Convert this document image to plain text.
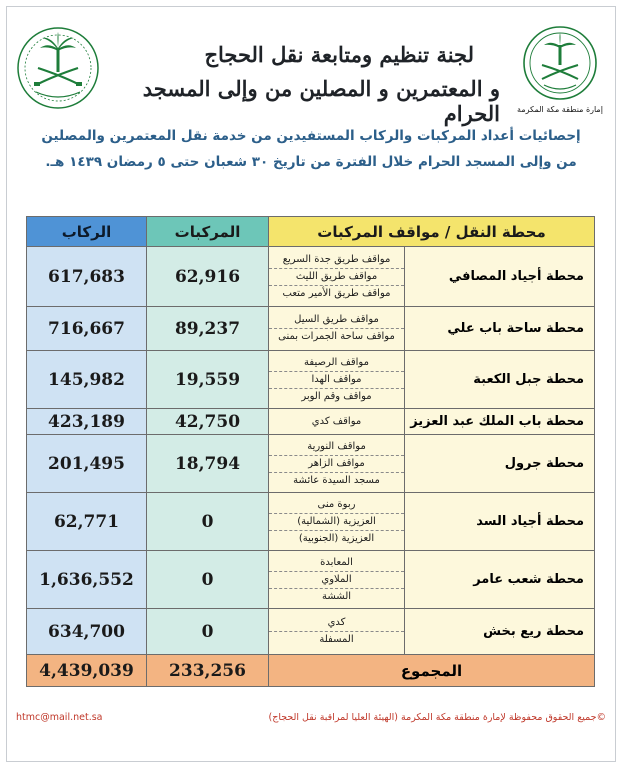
إمارة منطقة مكة المكرمة
لجنة تنظيم ومتابعة نقل الحجاج
و المعتمرين و المصلين من وإلى المسجد الحرام
إحصائيات أعداد المركبات والركاب المستفيدين من خدمة نقل المعتمرين والمصلين
من وإلى المسجد الحرام خلال الفترة من تاريخ ٣٠ شعبان حتى ٥ رمضان ١٤٣٩ هـ.
الركاب	المركبات	محطة النقل / مواقف المركبات	
617,683	62,916	مواقف طريق جدة السريع
مواقف طريق الليث
مواقف طريق الأمير متعب	محطة أجياد المصافي
716,667	89,237	مواقف طريق السيل
مواقف ساحة الجمرات بمنى	محطة ساحة باب علي
145,982	19,559	مواقف الرصيفة
مواقف الهدا
مواقف وقم الوبر	محطة جبل الكعبة
423,189	42,750	مواقف كدي	محطة باب الملك عبد العزيز
201,495	18,794	مواقف النورية
مواقف الزاهر
مسجد السيدة عائشة	محطة جرول
62,771	0	ربوة منى
العزيزية (الشمالية)
العزيزية (الجنوبية)	محطة أجياد السد
1,636,552	0	المعابدة
الملاوي
الششة	محطة شعب عامر
634,700	0	كدي
المسفلة	محطة ريع بخش
4,439,039	233,256	المجموع	
htmc@mail.net.sa	©جميع الحقوق محفوظة لإمارة منطقة مكة المكرمة (الهيئة العليا لمراقبة نقل الحجاج)
